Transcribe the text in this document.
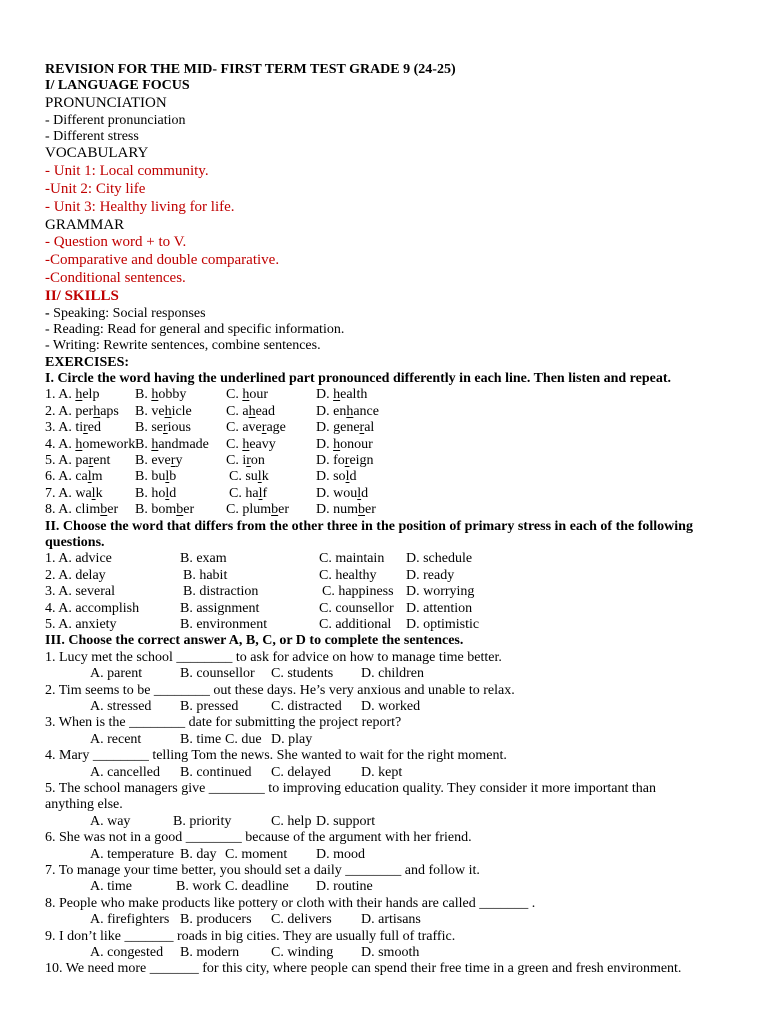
REVISION FOR THE MID- FIRST TERM TEST GRADE 9 (24-25)
I/ LANGUAGE FOCUS
PRONUNCIATION
- Different pronunciation
- Different stress
VOCABULARY
- Unit 1: Local community.
-Unit 2: City life
- Unit 3: Healthy living for life.
GRAMMAR
- Question word + to V.
-Comparative and double comparative.
-Conditional sentences.
II/ SKILLS
- Speaking: Social responses
- Reading: Read for general and specific information.
- Writing: Rewrite sentences, combine sentences.
EXERCISES:
I. Circle the word having the underlined part pronounced differently in each line. Then listen and repeat.
1. A. help	B. hobby	C. hour	D. health
2. A. perhaps B. vehicle C. ahead	D. enhance
3. A. tired B. serious C. average D. general
4. A. homework B. handmade C. heavy	D. honour
5. A. parent B. every	C. iron	D. foreign
6. A. calm B. bulb	C. sulk	D. sold
7. A. walk B. hold	C. half	D. would
8. A. climber B. bomber C. plumber D. number
II. Choose the word that differs from the other three in the position of primary stress in each of the following questions.
1. A. advice	B. exam	C. maintain D. schedule
2. A. delay	B. habit	C. healthy D. ready
3. A. several	B. distraction	C. happiness D. worrying
4. A. accomplish	B. assignment	C. counsellor D. attention
5. A. anxiety	B. environment	C. additional D. optimistic
III. Choose the correct answer A, B, C, or D to complete the sentences.
1. Lucy met the school ________ to ask for advice on how to manage time better.
A. parent	B. counsellor C. students D. children
2. Tim seems to be ________ out these days. He’s very anxious and unable to relax.
A. stressed B. pressed C. distracted D. worked
3. When is the ________ date for submitting the project report?
A. recent	B. time C. due D. play
4. Mary ________ telling Tom the news. She wanted to wait for the right moment.
A. cancelled B. continued C. delayed D. kept
5. The school managers give ________ to improving education quality. They consider it more important than anything else.
A. way	B. priority	C. help D. support
6. She was not in a good ________ because of the argument with her friend.
A. temperature B. day C. moment D. mood
7. To manage your time better, you should set a daily ________ and follow it.
A. time	B. work C. deadline D. routine
8. People who make products like pottery or cloth with their hands are called _______ .
A. firefighters B. producers C. delivers D. artisans
9. I don’t like _______ roads in big cities. They are usually full of traffic.
A. congested B. modern C. winding D. smooth
10. We need more _______ for this city, where people can spend their free time in a green and fresh environment.
